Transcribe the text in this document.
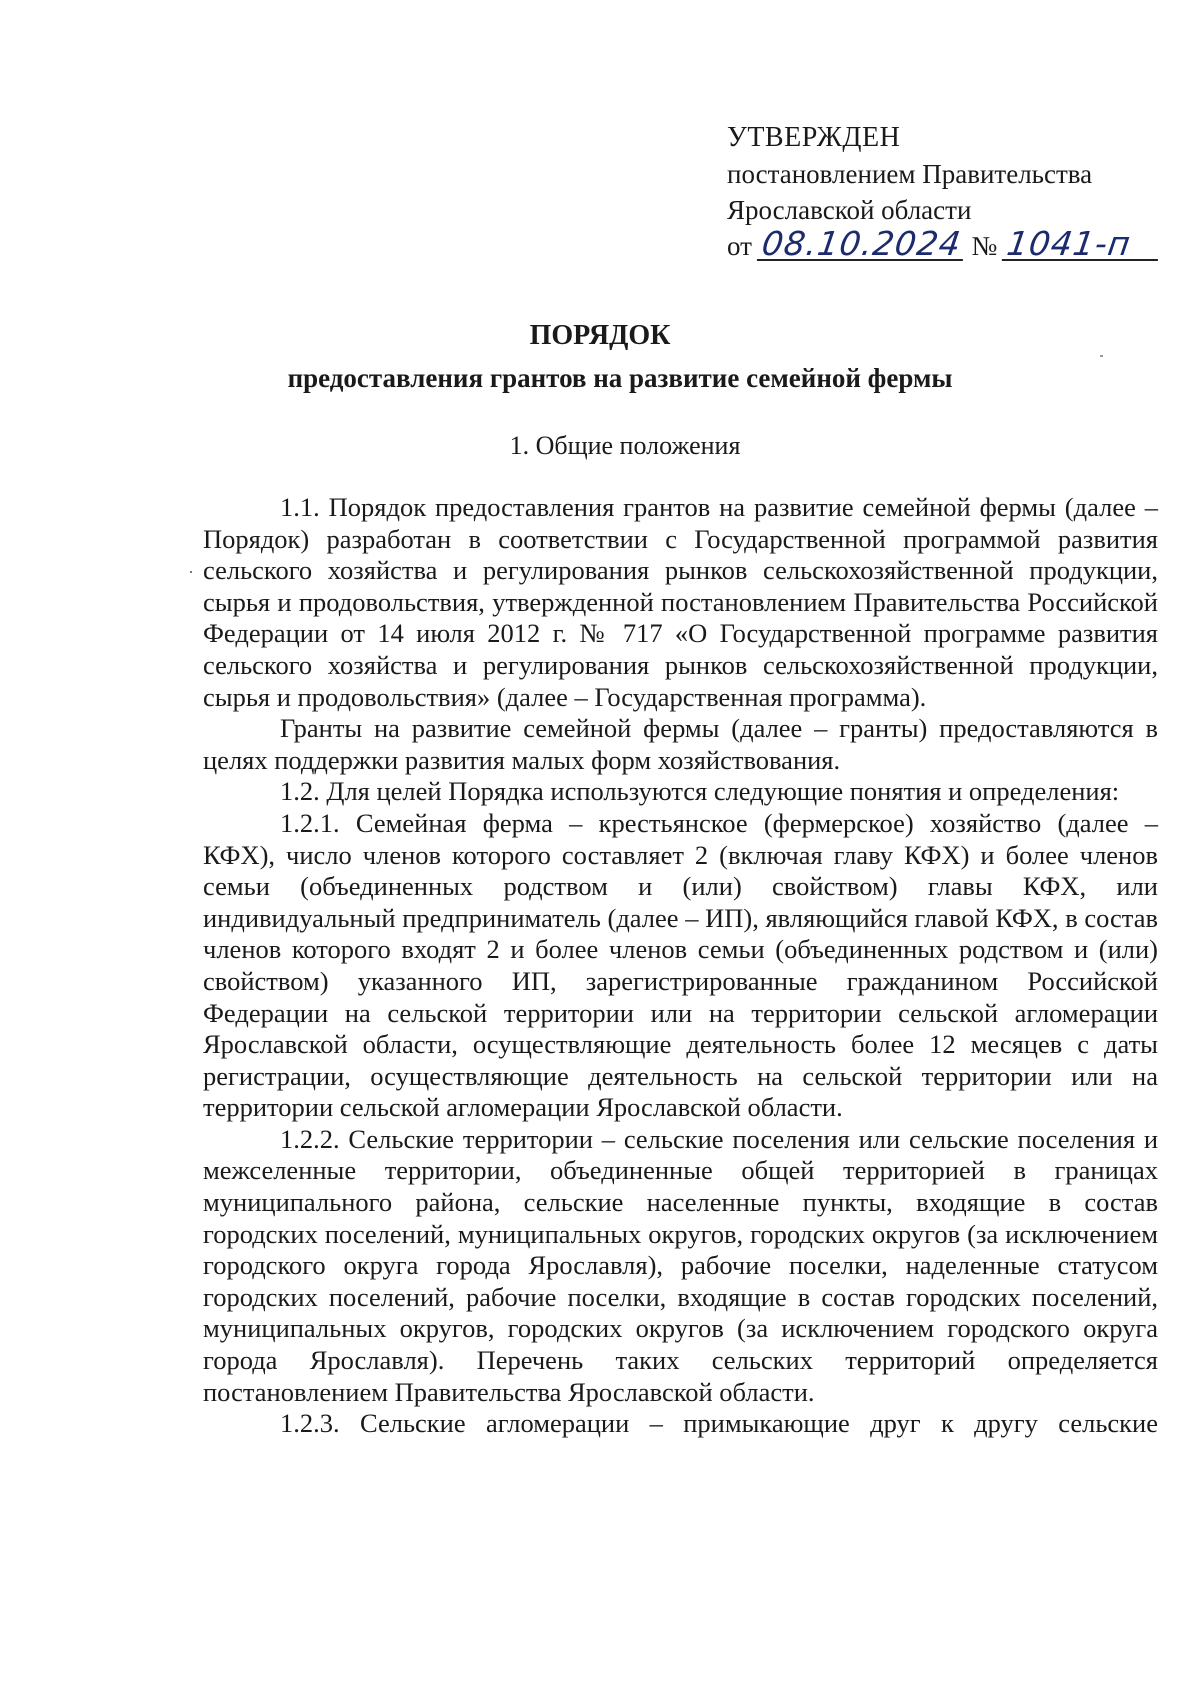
УТВЕРЖДЕН
постановлением Правительства
Ярославской области
от 08.10.2024 № 1041-п
ПОРЯДОК
предоставления грантов на развитие семейной фермы
1. Общие положения

1.1. Порядок предоставления грантов на развитие семейной фермы (далее – Порядок) разработан в соответствии с Государственной программой развития сельского хозяйства и регулирования рынков сельскохозяйственной продукции, сырья и продовольствия, утвержденной постановлением Правительства Российской Федерации от 14 июля 2012 г. № 717 «О Государственной программе развития сельского хозяйства и регулирования рынков сельскохозяйственной продукции, сырья и продовольствия» (далее – Государственная программа).

Гранты на развитие семейной фермы (далее – гранты) предоставляются в целях поддержки развития малых форм хозяйствования.

1.2. Для целей Порядка используются следующие понятия и определения:

1.2.1. Семейная ферма – крестьянское (фермерское) хозяйство (далее – КФХ), число членов которого составляет 2 (включая главу КФХ) и более членов семьи (объединенных родством и (или) свойством) главы КФХ, или индивидуальный предприниматель (далее – ИП), являющийся главой КФХ, в состав членов которого входят 2 и более членов семьи (объединенных родством и (или) свойством) указанного ИП, зарегистрированные гражданином Российской Федерации на сельской территории или на территории сельской агломерации Ярославской области, осуществляющие деятельность более 12 месяцев с даты регистрации, осуществляющие деятельность на сельской территории или на территории сельской агломерации Ярославской области.

1.2.2. Сельские территории – сельские поселения или сельские поселения и межселенные территории, объединенные общей территорией в границах муниципального района, сельские населенные пункты, входящие в состав городских поселений, муниципальных округов, городских округов (за исключением городского округа города Ярославля), рабочие поселки, наделенные статусом городских поселений, рабочие поселки, входящие в состав городских поселений, муниципальных округов, городских округов (за исключением городского округа города Ярославля). Перечень таких сельских территорий определяется постановлением Правительства Ярославской области.

1.2.3. Сельские агломерации – примыкающие друг к другу сельские
